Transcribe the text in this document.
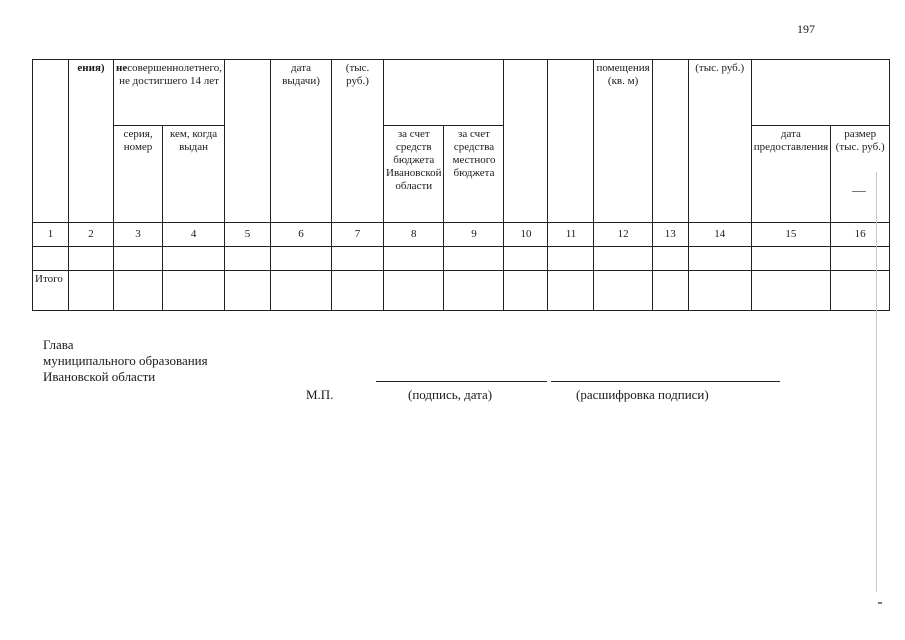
197
	ения)	несовершеннолетнего, не достигшего 14 лет			дата выдачи)	(тыс. руб.)					помещения (кв. м)		(тыс. руб.)		
		серия, номер	кем, когда выдан				за счет средств бюджета Ивановской области	за счет средства местного бюджета						дата предоставления	размер (тыс. руб.)
1	2	3	4	5	6	7	8	9	10	11	12	13	14	15	16

Итого															
Глава
муниципального образования
Ивановской области
М.П.	(подпись, дата)	(расшифровка подписи)
